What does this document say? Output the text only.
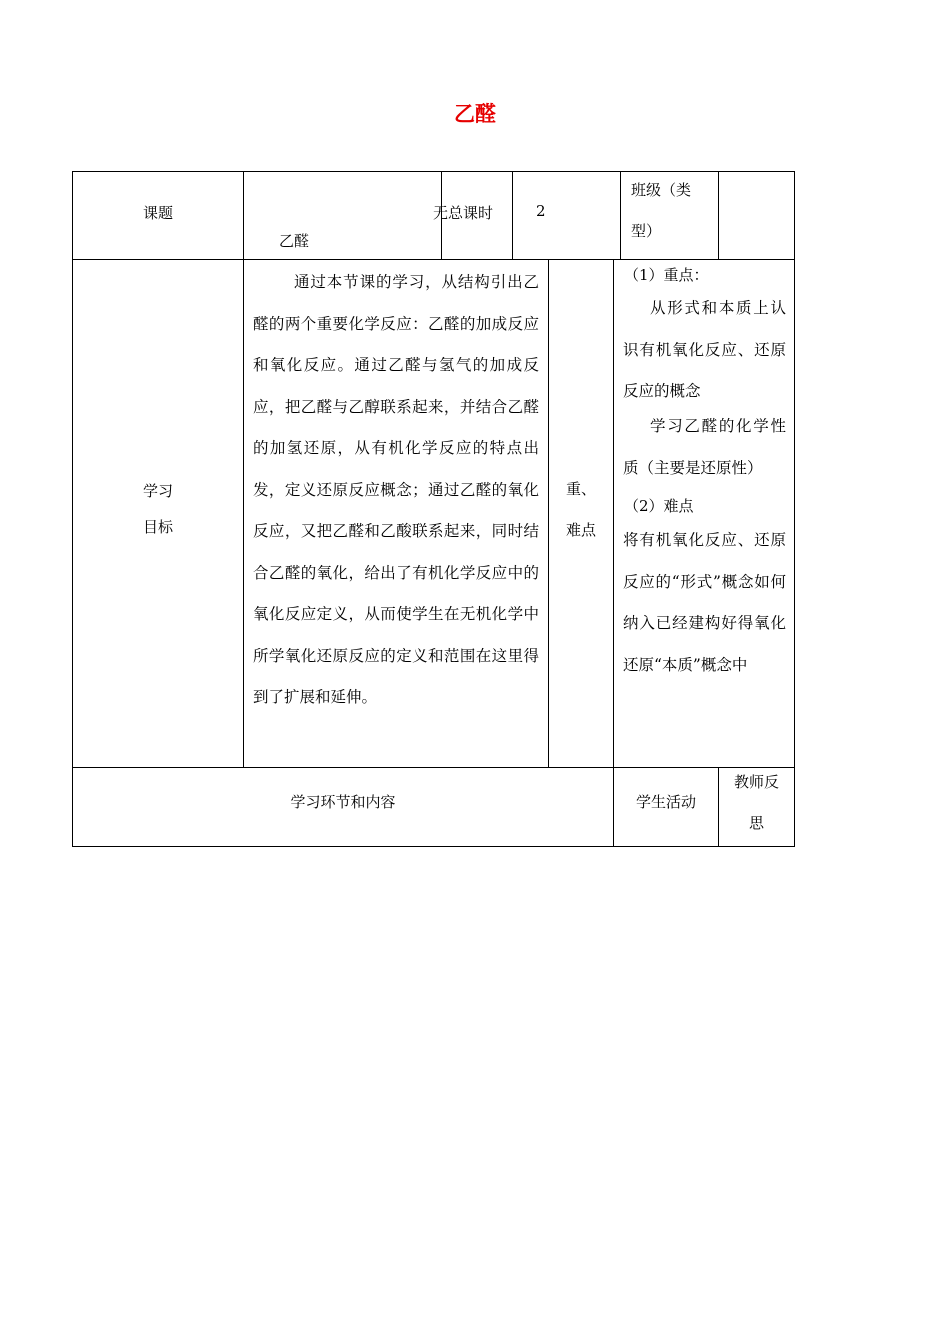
乙醛
课题
乙醛
无总课时	2
班级（类
型）
学习
目标
通过本节课的学习，从结构引出乙醛的两个重要化学反应：乙醛的加成反应和氧化反应。通过乙醛与氢气的加成反应，把乙醛与乙醇联系起来，并结合乙醛的加氢还原，从有机化学反应的特点出发，定义还原反应概念；通过乙醛的氧化反应，又把乙醛和乙酸联系起来，同时结合乙醛的氧化，给出了有机化学反应中的氧化反应定义，从而使学生在无机化学中所学氧化还原反应的定义和范围在这里得到了扩展和延伸。
重、
难点
（1）重点：
从形式和本质上认识有机氧化反应、还原反应的概念
学习乙醛的化学性质（主要是还原性）
（2）难点
将有机氧化反应、还原反应的“形式”概念如何纳入已经建构好得氧化还原“本质”概念中
学习环节和内容	学生活动
教师反
思
